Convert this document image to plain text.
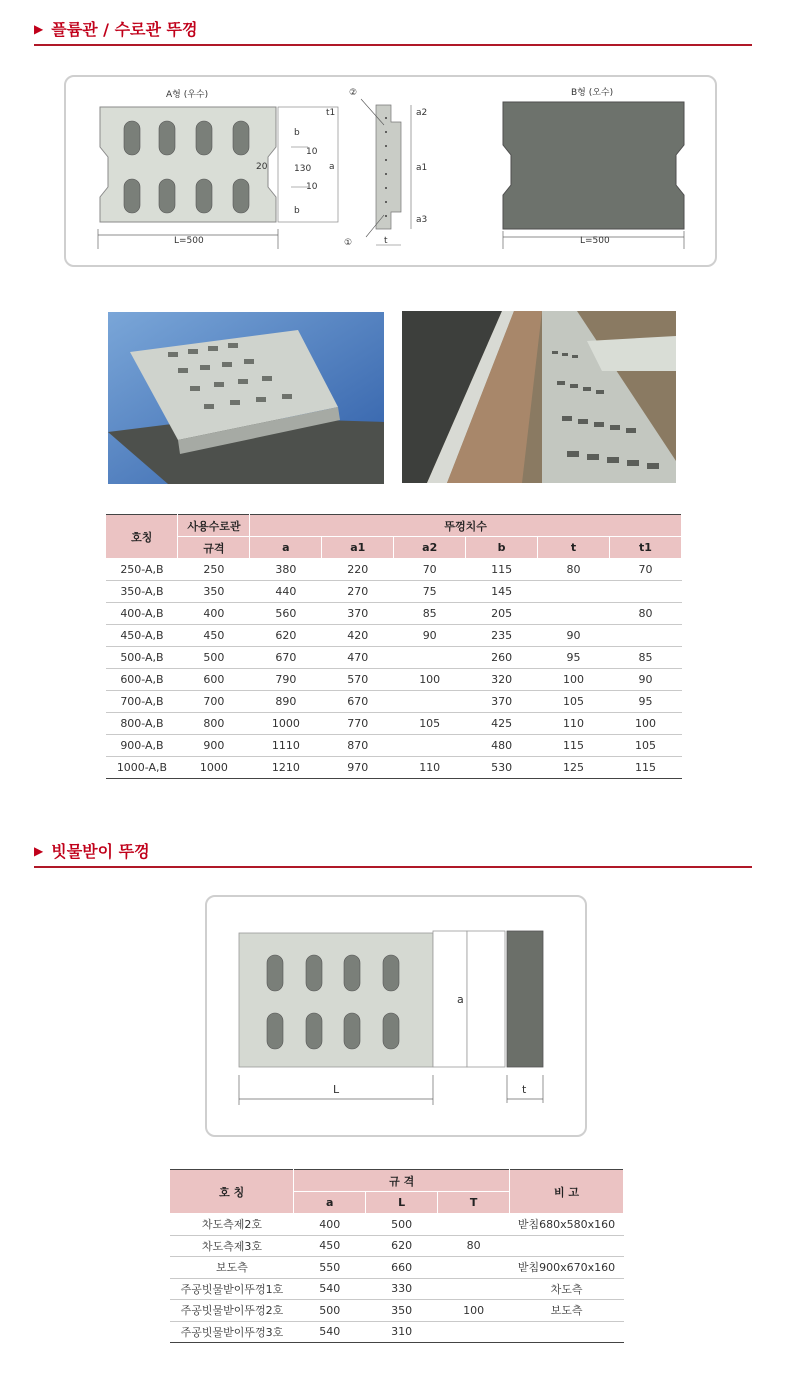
▶ 플륨관 / 수로관 뚜껑
A형 (우수)
L=500
b
10
20	130
10
b
a
t1
②
①
a2
a1
a3
t
B형 (오수)
L=500
호칭	사용수로관	뚜껑치수					
	규격	a	a1	a2	b	t	t1
250-A,B	250	380	220	70	115	80	70
350-A,B	350	440	270	75	145		
400-A,B	400	560	370	85	205		80
450-A,B	450	620	420	90	235	90	
500-A,B	500	670	470		260	95	85
600-A,B	600	790	570	100	320	100	90
700-A,B	700	890	670		370	105	95
800-A,B	800	1000	770	105	425	110	100
900-A,B	900	1110	870		480	115	105
1000-A,B	1000	1210	970	110	530	125	115
▶ 빗물받이 뚜껑
a
L	t
호 칭	규 격			비 고
	a	L	T	
차도측제2호	400	500		받침680x580x160
차도측제3호	450	620	80	
보도측	550	660		받침900x670x160
주공빗물받이뚜껑1호	540	330		차도측
주공빗물받이뚜껑2호	500	350	100	보도측
주공빗물받이뚜껑3호	540	310		
